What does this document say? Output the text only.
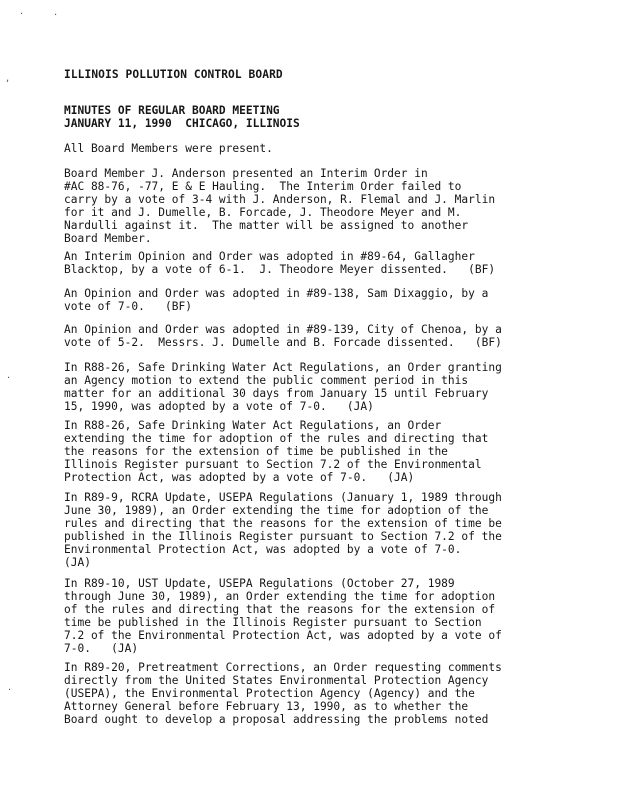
·	·
,
·
·
ILLINOIS POLLUTION CONTROL BOARD
MINUTES OF REGULAR BOARD MEETING
JANUARY 11, 1990  CHICAGO, ILLINOIS
All Board Members were present.
Board Member J. Anderson presented an Interim Order in
#AC 88-76, -77, E & E Hauling.  The Interim Order failed to
carry by a vote of 3-4 with J. Anderson, R. Flemal and J. Marlin
for it and J. Dumelle, B. Forcade, J. Theodore Meyer and M.
Nardulli against it.  The matter will be assigned to another
Board Member.
An Interim Opinion and Order was adopted in #89-64, Gallagher
Blacktop, by a vote of 6-1.  J. Theodore Meyer dissented.   (BF)
An Opinion and Order was adopted in #89-138, Sam Dixaggio, by a
vote of 7-0.   (BF)
An Opinion and Order was adopted in #89-139, City of Chenoa, by a
vote of 5-2.  Messrs. J. Dumelle and B. Forcade dissented.   (BF)
In R88-26, Safe Drinking Water Act Regulations, an Order granting
an Agency motion to extend the public comment period in this
matter for an additional 30 days from January 15 until February
15, 1990, was adopted by a vote of 7-0.   (JA)
In R88-26, Safe Drinking Water Act Regulations, an Order
extending the time for adoption of the rules and directing that
the reasons for the extension of time be published in the
Illinois Register pursuant to Section 7.2 of the Environmental
Protection Act, was adopted by a vote of 7-0.   (JA)
In R89-9, RCRA Update, USEPA Regulations (January 1, 1989 through
June 30, 1989), an Order extending the time for adoption of the
rules and directing that the reasons for the extension of time be
published in the Illinois Register pursuant to Section 7.2 of the
Environmental Protection Act, was adopted by a vote of 7-0.
(JA)
In R89-10, UST Update, USEPA Regulations (October 27, 1989
through June 30, 1989), an Order extending the time for adoption
of the rules and directing that the reasons for the extension of
time be published in the Illinois Register pursuant to Section
7.2 of the Environmental Protection Act, was adopted by a vote of
7-0.   (JA)
In R89-20, Pretreatment Corrections, an Order requesting comments
directly from the United States Environmental Protection Agency
(USEPA), the Environmental Protection Agency (Agency) and the
Attorney General before February 13, 1990, as to whether the
Board ought to develop a proposal addressing the problems noted
